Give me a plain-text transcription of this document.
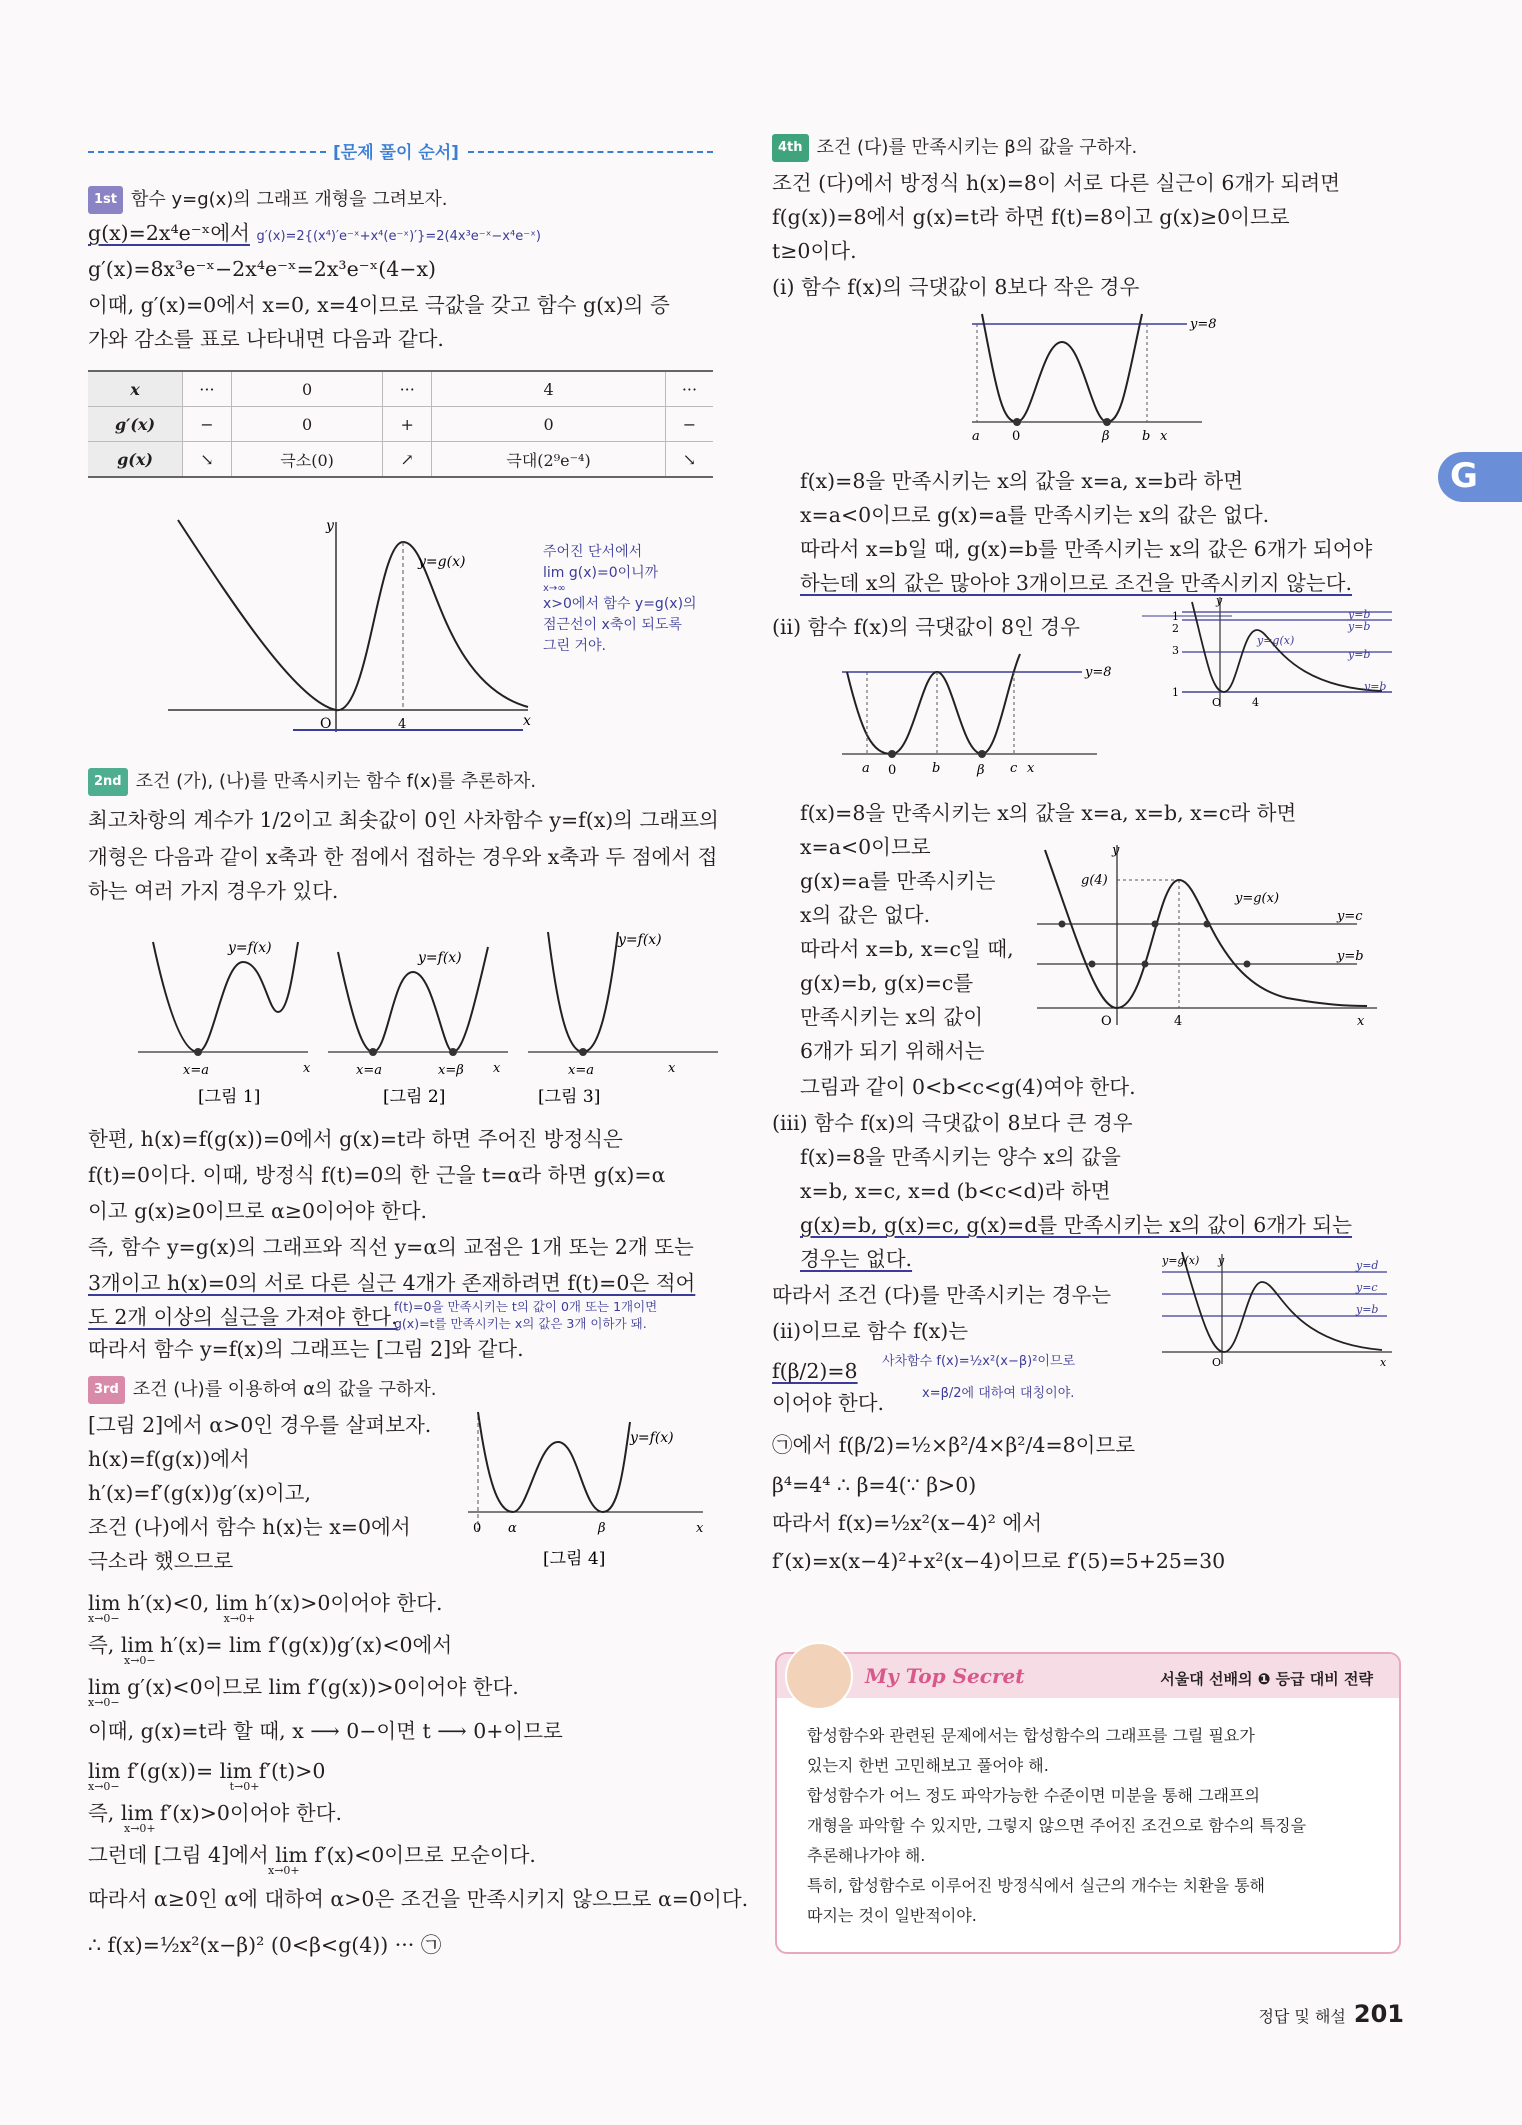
G
[문제 풀이 순서]
1st 함수 y=g(x)의 그래프 개형을 그려보자.
g(x)=2x⁴e⁻ˣ에서 g′(x)=2{(x⁴)′e⁻ˣ+x⁴(e⁻ˣ)′}=2(4x³e⁻ˣ−x⁴e⁻ˣ)
g′(x)=8x³e⁻ˣ−2x⁴e⁻ˣ=2x³e⁻ˣ(4−x)
이때, g′(x)=0에서 x=0, x=4이므로 극값을 갖고 함수 g(x)의 증
가와 감소를 표로 나타내면 다음과 같다.
x	···	0	···	4	···
g′(x)	−	0	+	0	−
g(x)	↘	극소(0)	↗	극대(2⁹e⁻⁴)	↘
y
x
O	4
y=g(x)
주어진 단서에서
lim g(x)=0이니까
x→∞
x>0에서 함수 y=g(x)의
점근선이 x축이 되도록
그린 거야.
2nd 조건 (가), (나)를 만족시키는 함수 f(x)를 추론하자.
최고차항의 계수가 1/2이고 최솟값이 0인 사차함수 y=f(x)의 그래프의
개형은 다음과 같이 x축과 한 점에서 접하는 경우와 x축과 두 점에서 접
하는 여러 가지 경우가 있다.
y=f(x)
x=a	x
[그림 1]
y=f(x)
x=a	x=β x
[그림 2]
y=f(x)
x=a	x
[그림 3]
한편, h(x)=f(g(x))=0에서 g(x)=t라 하면 주어진 방정식은
f(t)=0이다. 이때, 방정식 f(t)=0의 한 근을 t=α라 하면 g(x)=α
이고 g(x)≥0이므로 α≥0이어야 한다.
즉, 함수 y=g(x)의 그래프와 직선 y=α의 교점은 1개 또는 2개 또는
3개이고 h(x)=0의 서로 다른 실근 4개가 존재하려면 f(t)=0은 적어
도 2개 이상의 실근을 가져야 한다.
f(t)=0을 만족시키는 t의 값이 0개 또는 1개이면
g(x)=t를 만족시키는 x의 값은 3개 이하가 돼.
따라서 함수 y=f(x)의 그래프는 [그림 2]와 같다.
3rd 조건 (나)를 이용하여 α의 값을 구하자.
[그림 2]에서 α>0인 경우를 살펴보자.
h(x)=f(g(x))에서
h′(x)=f′(g(x))g′(x)이고,
조건 (나)에서 함수 h(x)는 x=0에서
극소라 했으므로
y=f(x)
0 α	β	x
[그림 4]
lim h′(x)<0, lim h′(x)>0이어야 한다.
x→0−	x→0+
즉, lim h′(x)= lim f′(g(x))g′(x)<0에서
x→0−
lim g′(x)<0이므로 lim f′(g(x))>0이어야 한다.
x→0−
이때, g(x)=t라 할 때, x ⟶ 0−이면 t ⟶ 0+이므로
lim f′(g(x))= lim f′(t)>0
x→0−	t→0+
즉, lim f′(x)>0이어야 한다.
x→0+
그런데 [그림 4]에서 lim f′(x)<0이므로 모순이다.
x→0+
따라서 α≥0인 α에 대하여 α>0은 조건을 만족시키지 않으므로 α=0이다.
∴ f(x)=½x²(x−β)² (0<β<g(4)) ··· ㉠
4th 조건 (다)를 만족시키는 β의 값을 구하자.
조건 (다)에서 방정식 h(x)=8이 서로 다른 실근이 6개가 되려면
f(g(x))=8에서 g(x)=t라 하면 f(t)=8이고 g(x)≥0이므로
t≥0이다.
(i) 함수 f(x)의 극댓값이 8보다 작은 경우
y=8
a 0	β b x
f(x)=8을 만족시키는 x의 값을 x=a, x=b라 하면
x=a<0이므로 g(x)=a를 만족시키는 x의 값은 없다.
따라서 x=b일 때, g(x)=b를 만족시키는 x의 값은 6개가 되어야
하는데 x의 값은 많아야 3개이므로 조건을 만족시키지 않는다.
(ii) 함수 f(x)의 극댓값이 8인 경우
y=8
a 0	b	β c x
1
2
3
1
y
y=g(x)
O	4
y=b
y=b
y=b
y=b
f(x)=8을 만족시키는 x의 값을 x=a, x=b, x=c라 하면
x=a<0이므로
g(x)=a를 만족시키는
x의 값은 없다.
따라서 x=b, x=c일 때,
g(x)=b, g(x)=c를
만족시키는 x의 값이
6개가 되기 위해서는
그림과 같이 0<b<c<g(4)여야 한다.
y
g(4)
y=g(x)
y=c
y=b
O	4	x
(iii) 함수 f(x)의 극댓값이 8보다 큰 경우
f(x)=8을 만족시키는 양수 x의 값을
x=b, x=c, x=d (b<c<d)라 하면
g(x)=b, g(x)=c, g(x)=d를 만족시키는 x의 값이 6개가 되는
경우는 없다.	y=g(x) y	y=d
y=c
y=b
O	x
따라서 조건 (다)를 만족시키는 경우는
(ii)이므로 함수 f(x)는
f(β/2)=8 사차함수 f(x)=½x²(x−β)²이므로
x=β/2에 대하여 대칭이야.
이어야 한다.
㉠에서 f(β/2)=½×β²/4×β²/4=8이므로
β⁴=4⁴ ∴ β=4(∵ β>0)
따라서 f(x)=½x²(x−4)² 에서
f′(x)=x(x−4)²+x²(x−4)이므로 f′(5)=5+25=30
My Top Secret	서울대 선배의 ❶ 등급 대비 전략
합성함수와 관련된 문제에서는 합성함수의 그래프를 그릴 필요가
있는지 한번 고민해보고 풀어야 해.
합성함수가 어느 정도 파악가능한 수준이면 미분을 통해 그래프의
개형을 파악할 수 있지만, 그렇지 않으면 주어진 조건으로 함수의 특징을
추론해나가야 해.
특히, 합성함수로 이루어진 방정식에서 실근의 개수는 치환을 통해
따지는 것이 일반적이야.
정답 및 해설 201
